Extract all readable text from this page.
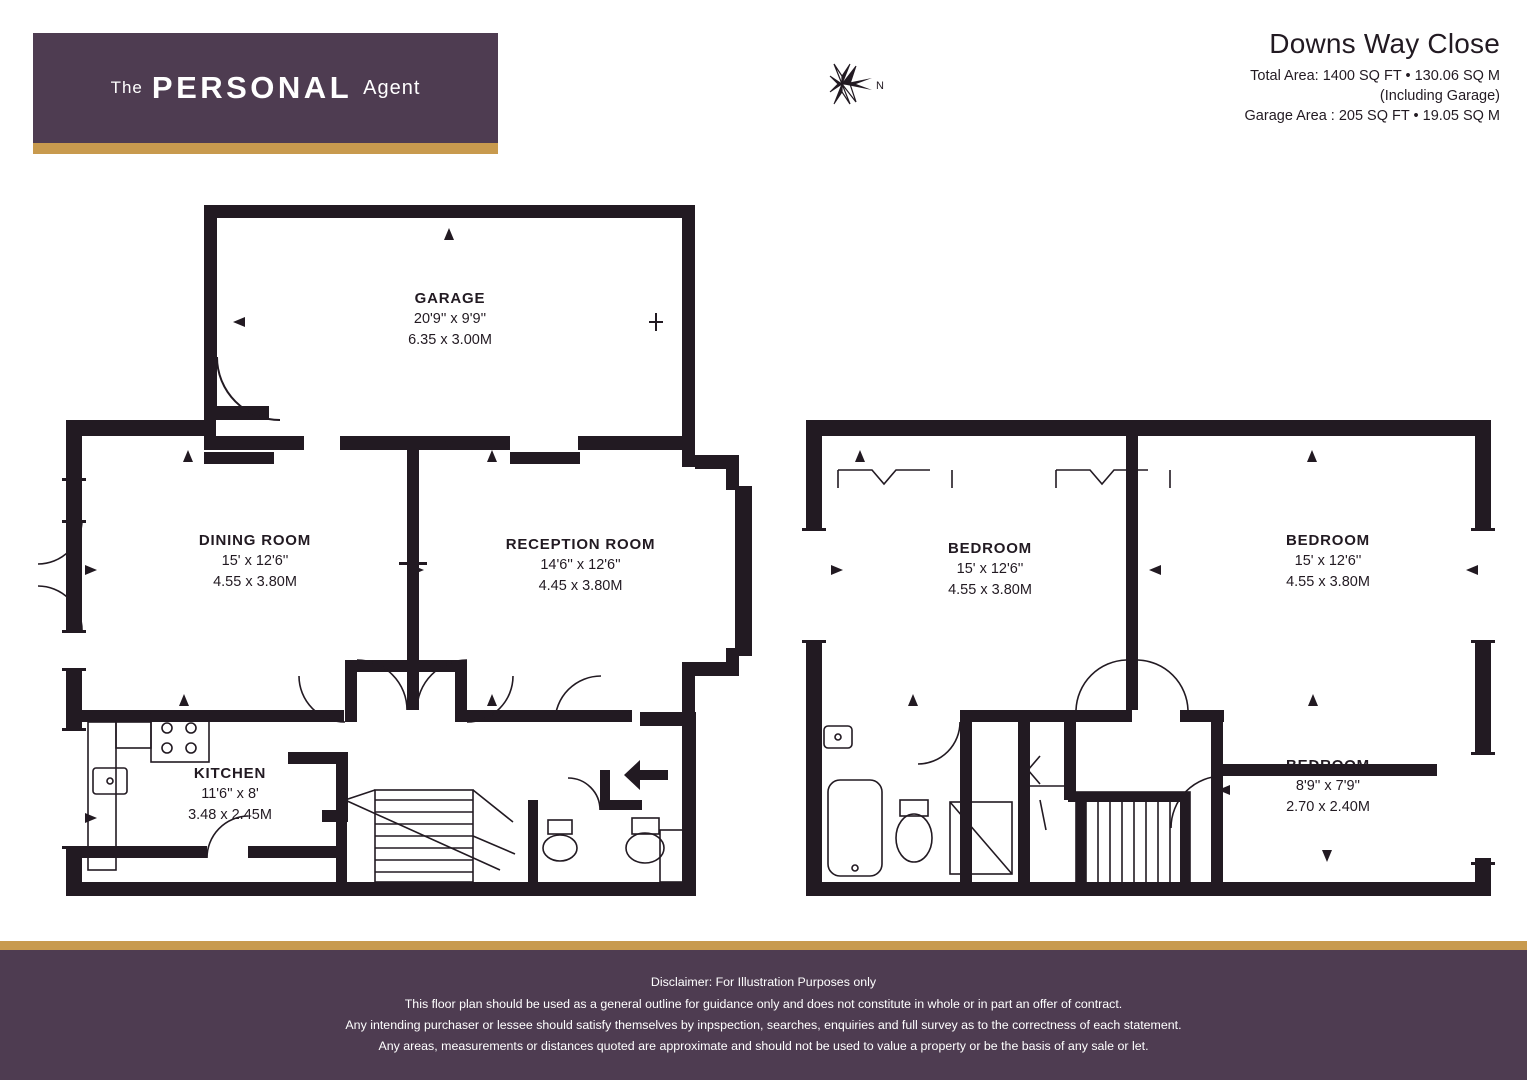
The PERSONAL Agent
Downs Way Close
Total Area: 1400 SQ FT • 130.06 SQ M
(Including Garage)
Garage Area : 205 SQ FT • 19.05 SQ M
N
GARAGE
20'9'' x 9'9''
6.35 x 3.00M
DINING ROOM
15' x 12'6''
4.55 x 3.80M
RECEPTION ROOM
14'6'' x 12'6''
4.45 x 3.80M
KITCHEN
11'6'' x 8'
3.48 x 2.45M
BEDROOM
15' x 12'6''
4.55 x 3.80M
BEDROOM
15' x 12'6''
4.55 x 3.80M
BEDROOM
8'9'' x 7'9''
2.70 x 2.40M
Disclaimer: For Illustration Purposes only
This floor plan should be used as a general outline for guidance only and does not constitute in whole or in part an offer of contract.
Any intending purchaser or lessee should satisfy themselves by inpspection, searches, enquiries and full survey as to the correctness of each statement.
Any areas, measurements or distances quoted are approximate and should not be used to value a property or be the basis of any sale or let.
